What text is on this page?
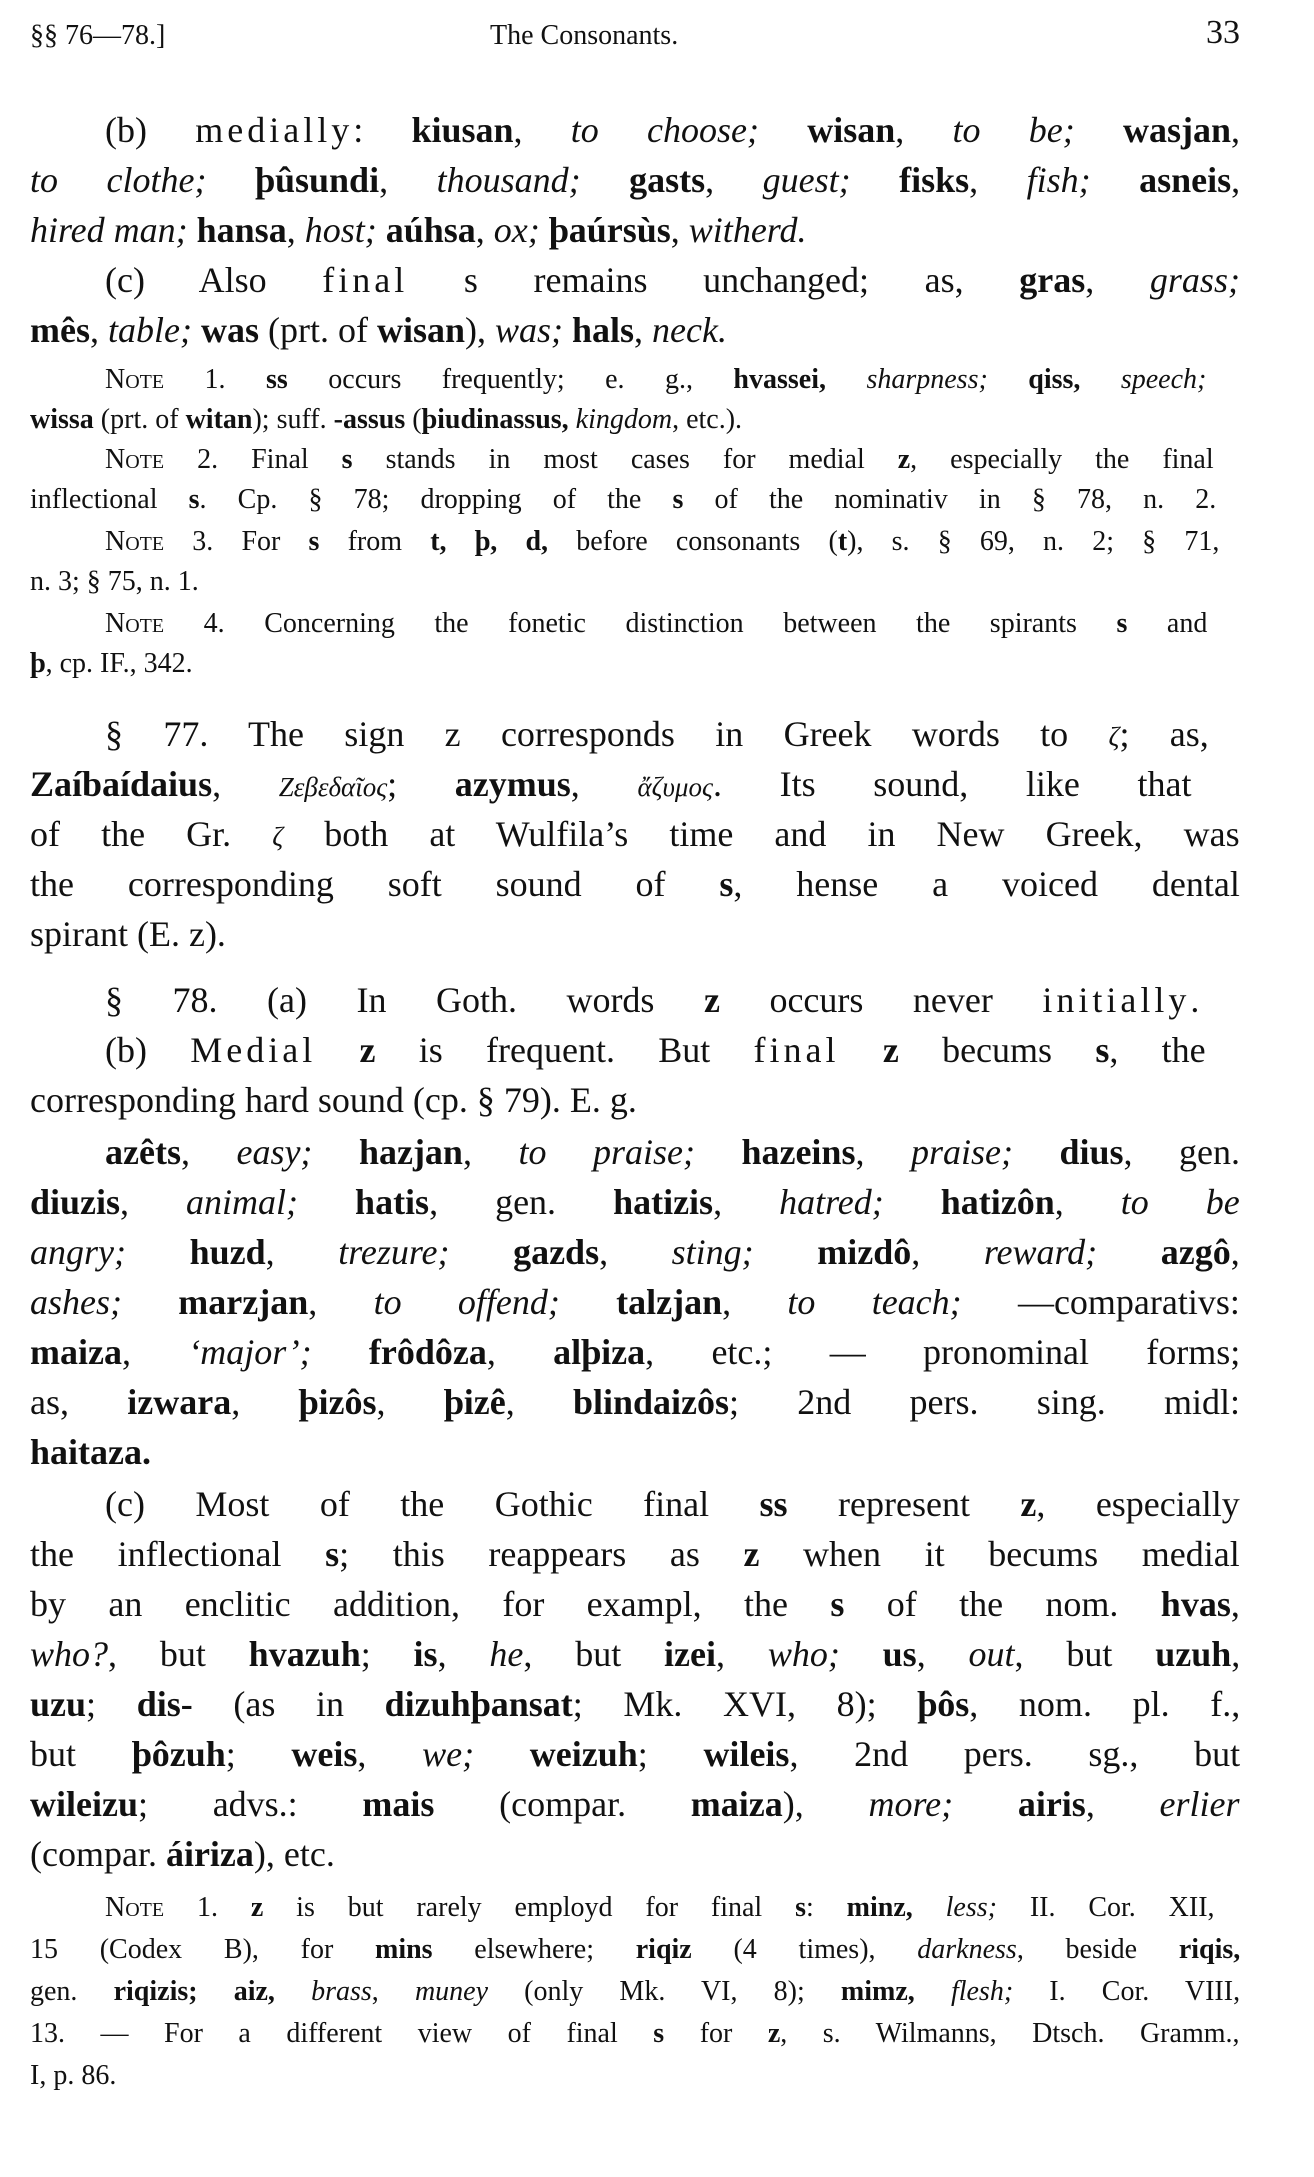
§§ 76—78.]	The Consonants.	33
(b) medially: kiusan, to choose; wisan, to be; wasjan,
to clothe; þûsundi, thousand; gasts, guest; fisks, fish; asneis,
hired man; hansa, host; aúhsa, ox; þaúrsùs, witherd.
(c) Also final s remains unchanged; as, gras, grass;
mês, table; was (prt. of wisan), was; hals, neck.
Note 1. ss occurs frequently; e. g., hvassei, sharpness; qiss, speech;
wissa (prt. of witan); suff. -assus (þiudinassus, kingdom, etc.).
Note 2. Final s stands in most cases for medial z, especially the final
inflectional s. Cp. § 78; dropping of the s of the nominativ in § 78, n. 2.
Note 3. For s from t, þ, d, before consonants (t), s. § 69, n. 2; § 71,
n. 3; § 75, n. 1.
Note 4. Concerning the fonetic distinction between the spirants s and
þ, cp. IF., 342.
§ 77. The sign z corresponds in Greek words to ζ; as,
Zaíbaídaius, Ζεβεδαῖος; azymus, ἄζυμος. Its sound, like that
of the Gr. ζ both at Wulfila’s time and in New Greek, was
the corresponding soft sound of s, hense a voiced dental
spirant (E. z).
§ 78. (a) In Goth. words z occurs never initially.
(b) Medial z is frequent. But final z becums s, the
corresponding hard sound (cp. § 79). E. g.
azêts, easy; hazjan, to praise; hazeins, praise; dius, gen.
diuzis, animal; hatis, gen. hatizis, hatred; hatizôn, to be
angry; huzd, trezure; gazds, sting; mizdô, reward; azgô,
ashes; marzjan, to offend; talzjan, to teach; —comparativs:
maiza, ‘major’; frôdôza, alþiza, etc.; — pronominal forms;
as, izwara, þizôs, þizê, blindaizôs; 2nd pers. sing. midl:
haitaza.
(c) Most of the Gothic final ss represent z, especially
the inflectional s; this reappears as z when it becums medial
by an enclitic addition, for exampl, the s of the nom. hvas,
who?, but hvazuh; is, he, but izei, who; us, out, but uzuh,
uzu; dis- (as in dizuhþansat; Mk. XVI, 8); þôs, nom. pl. f.,
but þôzuh; weis, we; weizuh; wileis, 2nd pers. sg., but
wileizu; advs.: mais (compar. maiza), more; airis, erlier
(compar. áiriza), etc.
Note 1. z is but rarely employd for final s: minz, less; II. Cor. XII,
15 (Codex B), for mins elsewhere; riqiz (4 times), darkness, beside riqis,
gen. riqizis; aiz, brass, muney (only Mk. VI, 8); mimz, flesh; I. Cor. VIII,
13. — For a different view of final s for z, s. Wilmanns, Dtsch. Gramm.,
I, p. 86.
